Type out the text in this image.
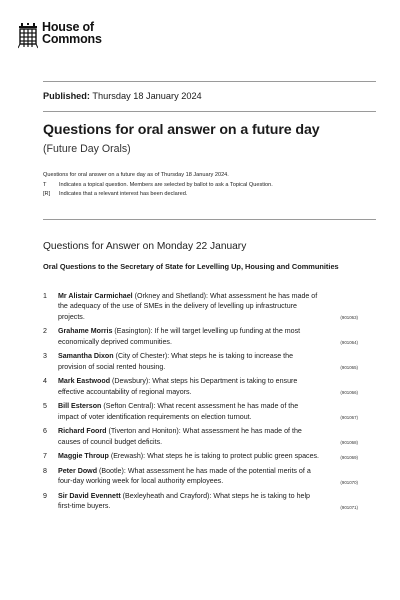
House of
Commons
Published: Thursday 18 January 2024
Questions for oral answer on a future day
(Future Day Orals)
Questions for oral answer on a future day as of Thursday 18 January 2024.
T	Indicates a topical question. Members are selected by ballot to ask a Topical Question.
[R]	Indicates that a relevant interest has been declared.
Questions for Answer on Monday 22 January
Oral Questions to the Secretary of State for Levelling Up, Housing and Communities
1	Mr Alistair Carmichael (Orkney and Shetland): What assessment he has made of the adequacy of the use of SMEs in the delivery of levelling up infrastructure projects.	(901063)
2	Grahame Morris (Easington): If he will target levelling up funding at the most economically deprived communities.	(901064)
3	Samantha Dixon (City of Chester): What steps he is taking to increase the provision of social rented housing.	(901065)
4	Mark Eastwood (Dewsbury): What steps his Department is taking to ensure effective accountability of regional mayors.	(901066)
5	Bill Esterson (Sefton Central): What recent assessment he has made of the impact of voter identification requirements on election turnout.	(901067)
6	Richard Foord (Tiverton and Honiton): What assessment he has made of the causes of council budget deficits.	(901068)
7	Maggie Throup (Erewash): What steps he is taking to protect public green spaces.	(901069)
8	Peter Dowd (Bootle): What assessment he has made of the potential merits of a four-day working week for local authority employees.	(901070)
9	Sir David Evennett (Bexleyheath and Crayford): What steps he is taking to help first-time buyers.	(901071)
